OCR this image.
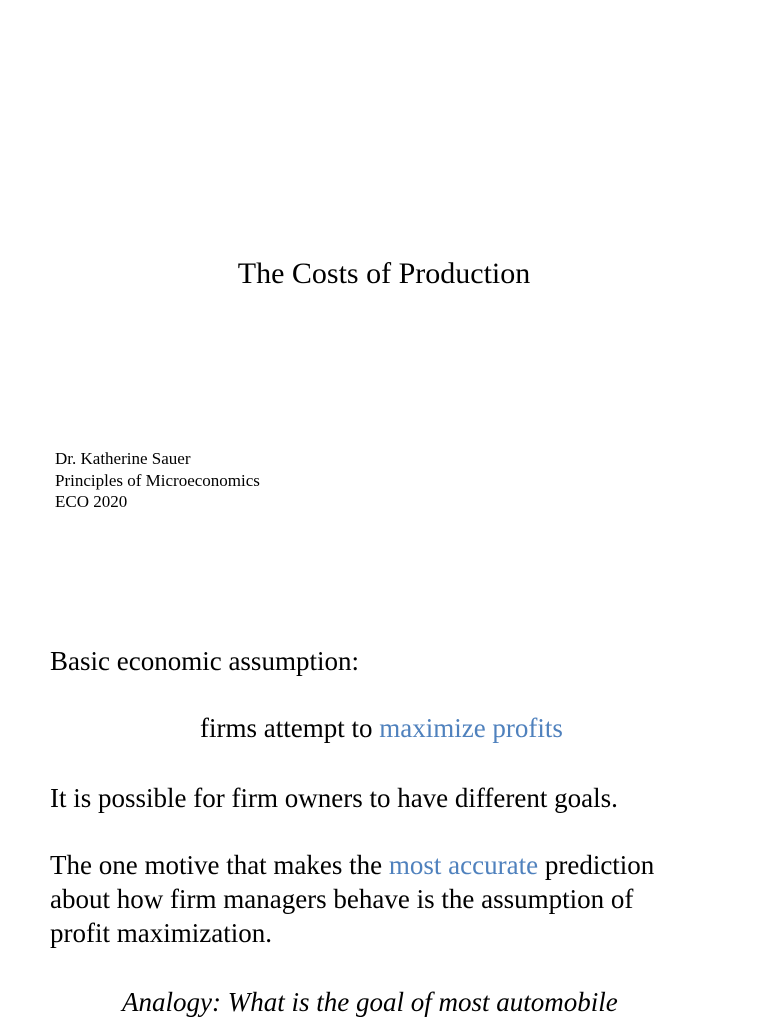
The Costs of Production
Dr. Katherine Sauer
Principles of Microeconomics
ECO 2020
Basic economic assumption:
firms attempt to maximize profits
It is possible for firm owners to have different goals.
The one motive that makes the most accurate prediction
about how firm managers behave is the assumption of
profit maximization.
Analogy: What is the goal of most automobile
